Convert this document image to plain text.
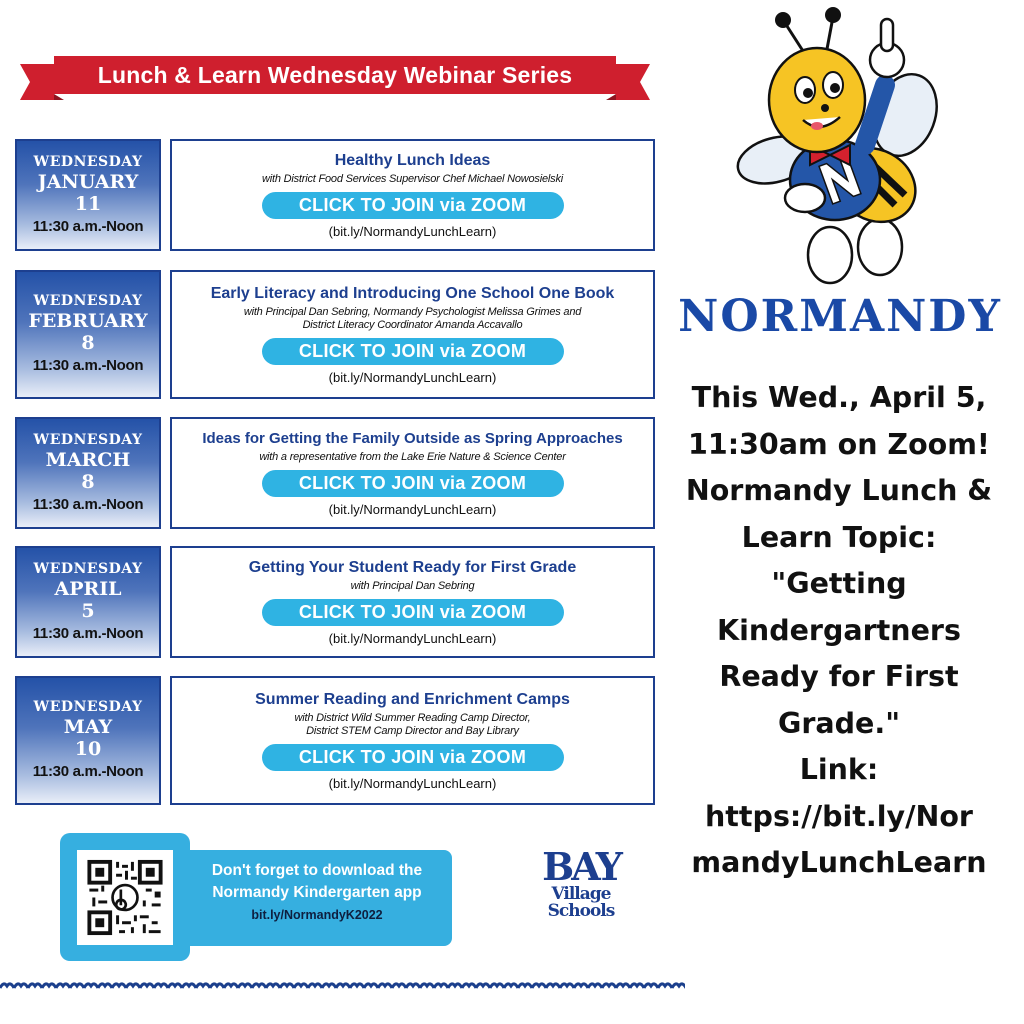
Lunch & Learn Wednesday Webinar Series
WEDNESDAY
JANUARY
11
11:30 a.m.-Noon
Healthy Lunch Ideas
with District Food Services Supervisor Chef Michael Nowosielski
CLICK TO JOIN via ZOOM
(bit.ly/NormandyLunchLearn)
WEDNESDAY
FEBRUARY
8
11:30 a.m.-Noon
Early Literacy and Introducing One School One Book
with Principal Dan Sebring, Normandy Psychologist Melissa Grimes and
District Literacy Coordinator Amanda Accavallo
CLICK TO JOIN via ZOOM
(bit.ly/NormandyLunchLearn)
WEDNESDAY
MARCH
8
11:30 a.m.-Noon
Ideas for Getting the Family Outside as Spring Approaches
with a representative from the Lake Erie Nature & Science Center
CLICK TO JOIN via ZOOM
(bit.ly/NormandyLunchLearn)
WEDNESDAY
APRIL
5
11:30 a.m.-Noon
Getting Your Student Ready for First Grade
with Principal Dan Sebring
CLICK TO JOIN via ZOOM
(bit.ly/NormandyLunchLearn)
WEDNESDAY
MAY
10
11:30 a.m.-Noon
Summer Reading and Enrichment Camps
with District Wild Summer Reading Camp Director,
District STEM Camp Director and Bay Library
CLICK TO JOIN via ZOOM
(bit.ly/NormandyLunchLearn)
Don't forget to download the
Normandy Kindergarten app
bit.ly/NormandyK2022
BAY
Village
Schools
NORMANDY
This Wed., April 5,
11:30am on Zoom!
Normandy Lunch &
Learn Topic:
"Getting
Kindergartners
Ready for First
Grade."
Link:
https://bit.ly/Nor
mandyLunchLearn
